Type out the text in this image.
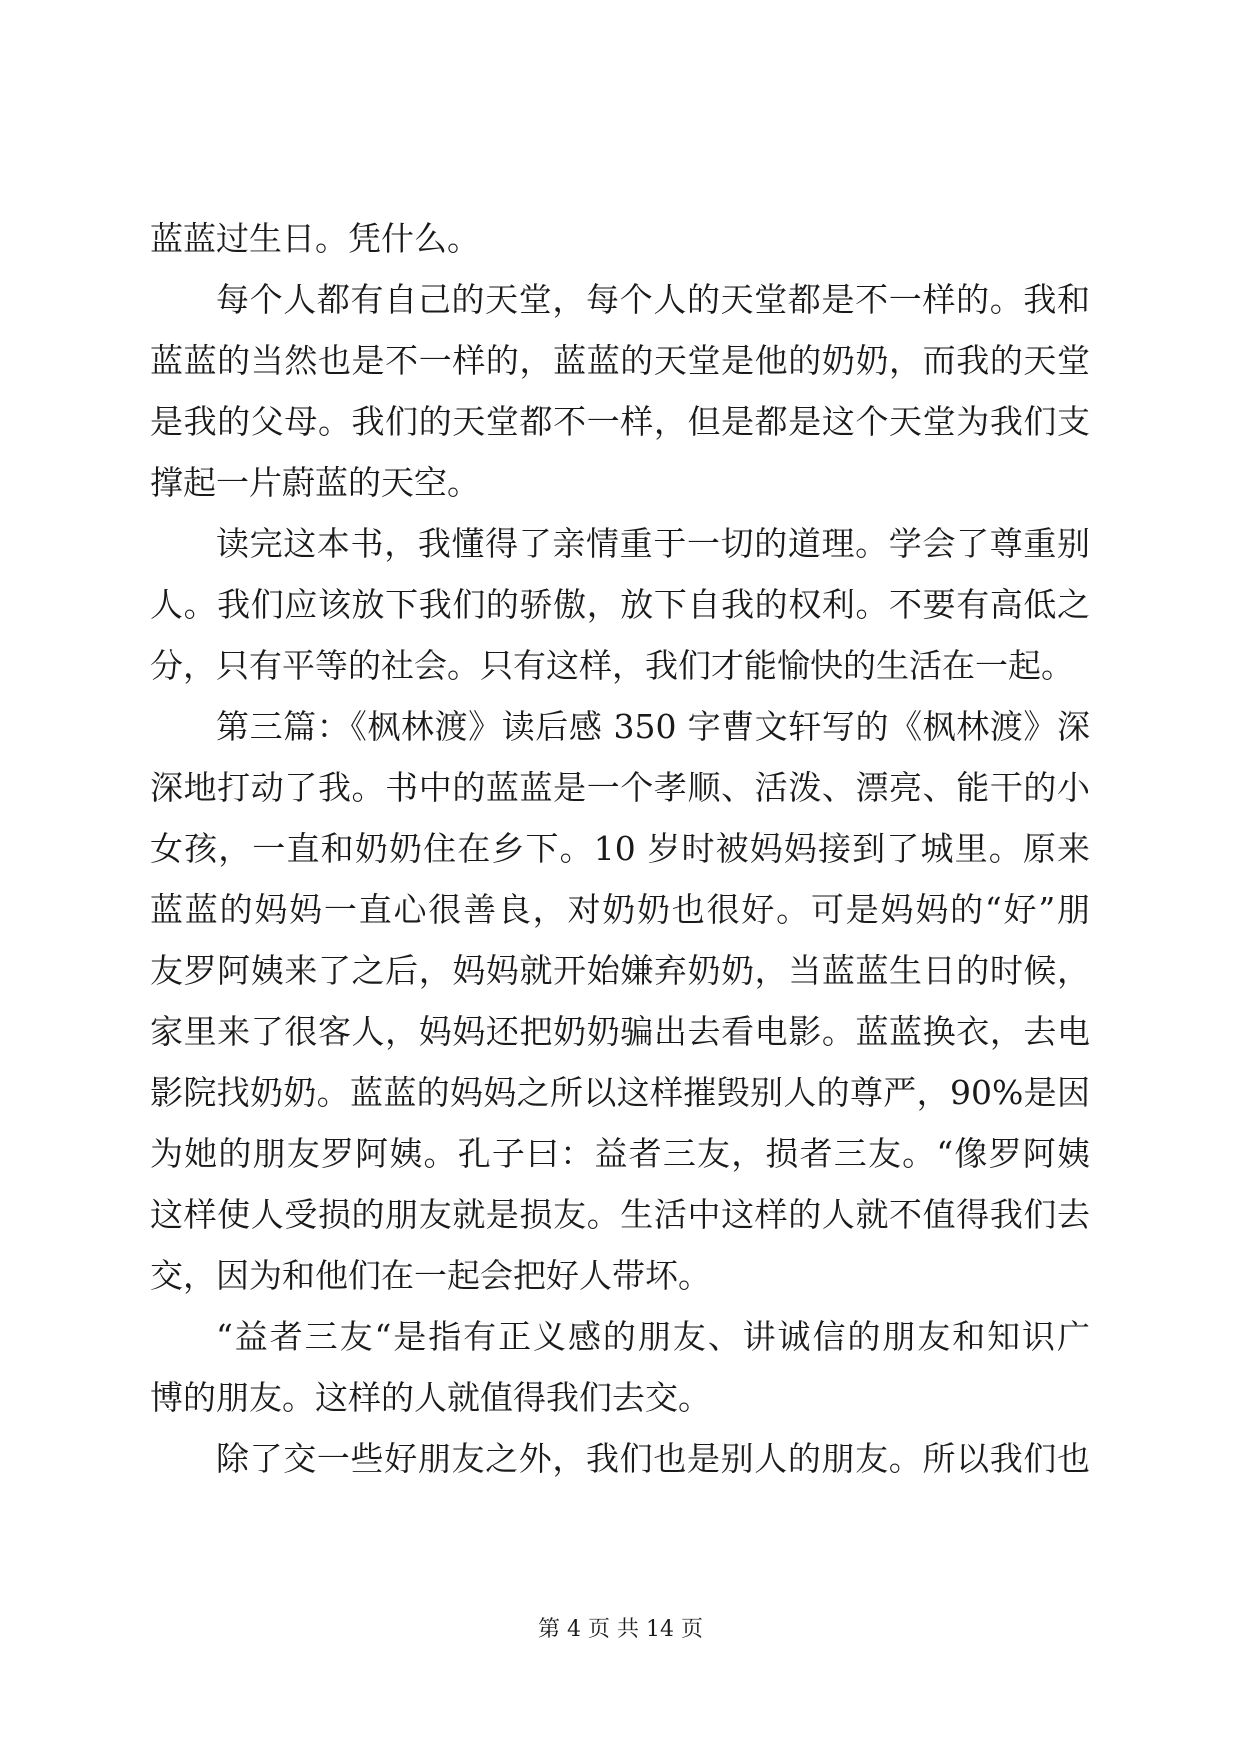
蓝蓝过生日。凭什么。
每个人都有自己的天堂，每个人的天堂都是不一样的。我和
蓝蓝的当然也是不一样的，蓝蓝的天堂是他的奶奶，而我的天堂
是我的父母。我们的天堂都不一样，但是都是这个天堂为我们支
撑起一片蔚蓝的天空。
读完这本书，我懂得了亲情重于一切的道理。学会了尊重别
人。我们应该放下我们的骄傲，放下自我的权利。不要有高低之
分，只有平等的社会。只有这样，我们才能愉快的生活在一起。
第三篇：《枫林渡》读后感 350 字曹文轩写的《枫林渡》深
深地打动了我。书中的蓝蓝是一个孝顺、活泼、漂亮、能干的小
女孩，一直和奶奶住在乡下。10 岁时被妈妈接到了城里。原来
蓝蓝的妈妈一直心很善良，对奶奶也很好。可是妈妈的“好”朋
友罗阿姨来了之后，妈妈就开始嫌弃奶奶，当蓝蓝生日的时候，
家里来了很客人，妈妈还把奶奶骗出去看电影。蓝蓝换衣，去电
影院找奶奶。蓝蓝的妈妈之所以这样摧毁别人的尊严，90%是因
为她的朋友罗阿姨。孔子曰：益者三友，损者三友。“像罗阿姨
这样使人受损的朋友就是损友。生活中这样的人就不值得我们去
交，因为和他们在一起会把好人带坏。
“益者三友“是指有正义感的朋友、讲诚信的朋友和知识广
博的朋友。这样的人就值得我们去交。
除了交一些好朋友之外，我们也是别人的朋友。所以我们也
第 4 页 共 14 页
